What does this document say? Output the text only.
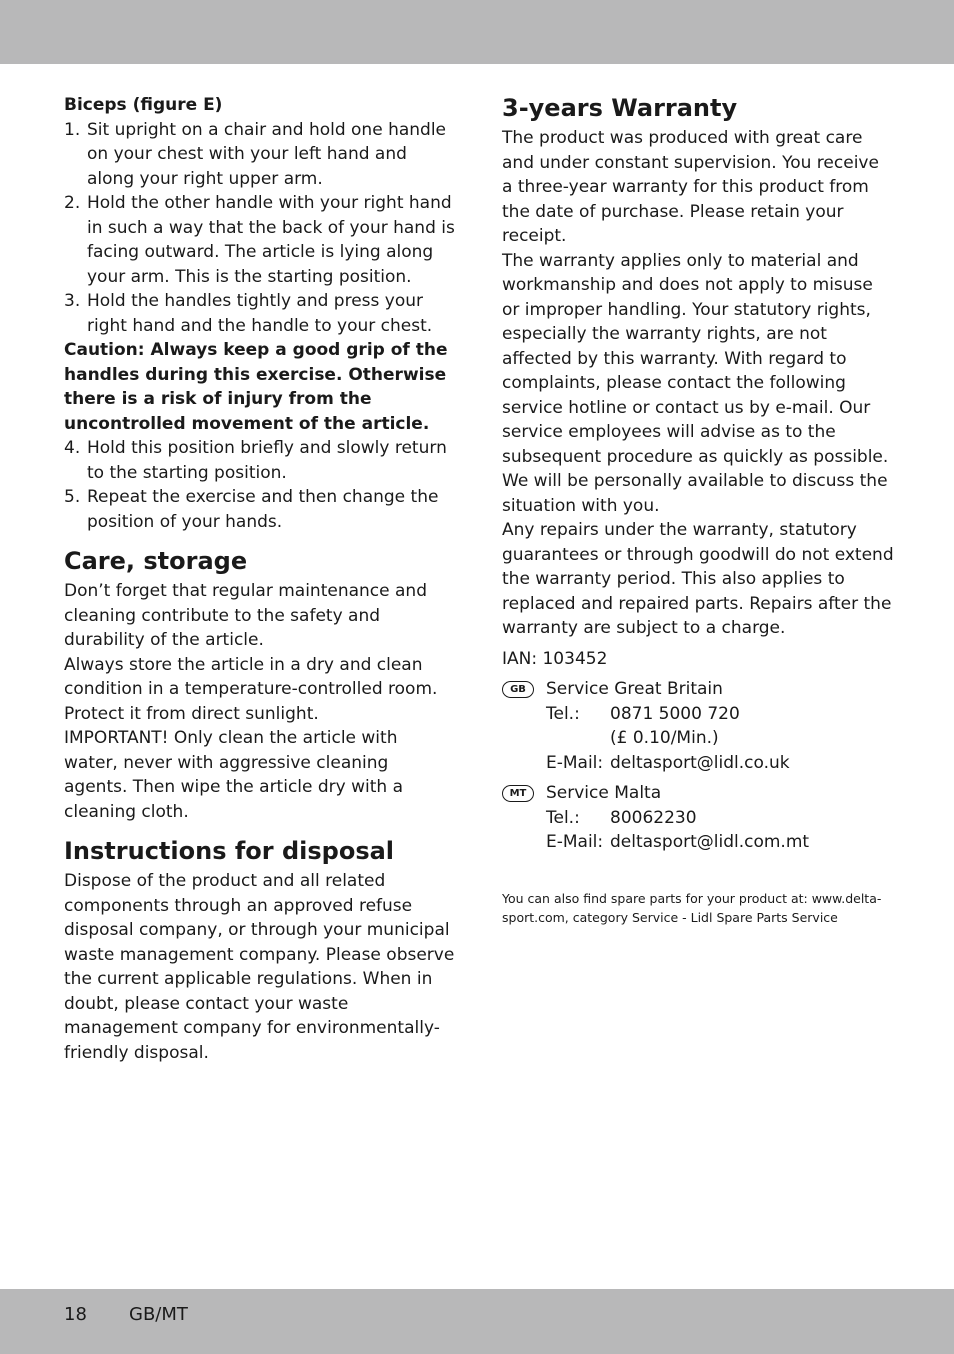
Biceps (figure E)
1. Sit upright on a chair and hold one handle on your chest with your left hand and along your right upper arm.
2. Hold the other handle with your right hand in such a way that the back of your hand is facing outward. The article is lying along your arm. This is the starting position.
3. Hold the handles tightly and press your right hand and the handle to your chest.

Caution: Always keep a good grip of the handles during this exercise. Otherwise there is a risk of injury from the uncontrolled movement of the article.

4. Hold this position briefly and slowly return to the starting position.
5. Repeat the exercise and then change the position of your hands.
Care, storage

Don’t forget that regular maintenance and cleaning contribute to the safety and durability of the article.

Always store the article in a dry and clean condition in a temperature-controlled room. Protect it from direct sunlight.

IMPORTANT! Only clean the article with water, never with aggressive cleaning agents. Then wipe the article dry with a cleaning cloth.

Instructions for disposal

Dispose of the product and all related components through an approved refuse disposal company, or through your municipal waste management company. Please observe the current applicable regulations. When in doubt, please contact your waste management company for environmentally-friendly disposal.

3-years Warranty

The product was produced with great care and under constant supervision. You receive a three-year warranty for this product from the date of purchase. Please retain your receipt.

The warranty applies only to material and workmanship and does not apply to misuse or improper handling. Your statutory rights, especially the warranty rights, are not affected by this warranty. With regard to complaints, please contact the following service hotline or contact us by e-mail. Our service employees will advise as to the subsequent procedure as quickly as possible. We will be personally available to discuss the situation with you.

Any repairs under the warranty, statutory guarantees or through goodwill do not extend the warranty period. This also applies to replaced and repaired parts. Repairs after the warranty are subject to a charge.

IAN: 103452

GB	Service Great Britain
Tel.:	0871 5000 720
(£ 0.10/Min.)
E-Mail: deltasport@lidl.co.uk
MT	Service Malta
Tel.:	80062230
E-Mail: deltasport@lidl.com.mt

You can also find spare parts for your product at: www.delta-sport.com, category Service - Lidl Spare Parts Service

18 GB/MT
